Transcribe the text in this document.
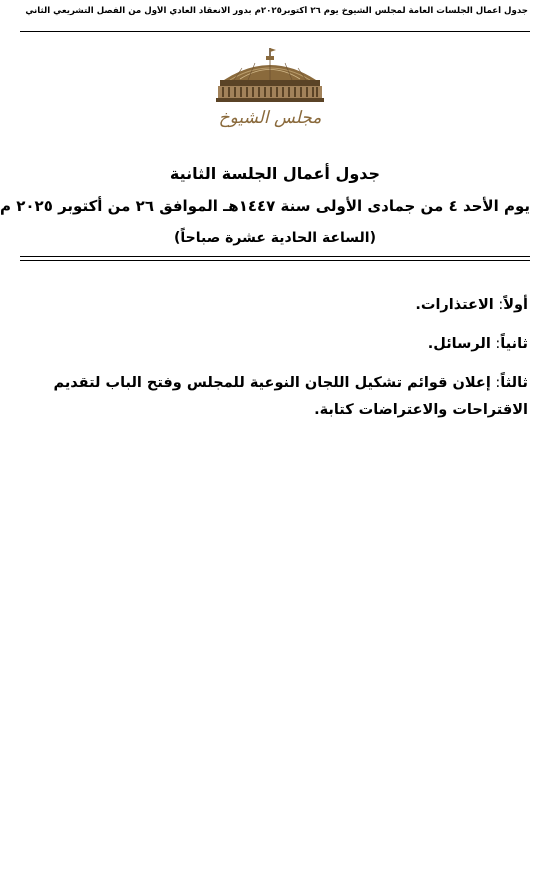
جدول أعمال الجلسات العامة لمجلس الشيوخ يوم ٢٦ أكتوبر٢٠٢٥م بدور الانعقاد العادي الأول من الفصل التشريعي الثاني
مجلس الشيوخ
جدول أعمال الجلسة الثانية
يوم الأحد ٤ من جمادى الأولى سنة ١٤٤٧هـ الموافق ٢٦ من أكتوبر ٢٠٢٥ م
(الساعة الحادية عشرة صباحاً)
أولاً: الاعتذارات.
ثانياً: الرسائل.
ثالثاً: إعلان قوائم تشكيل اللجان النوعية للمجلس وفتح الباب لتقديم الاقتراحات والاعتراضات كتابة.
